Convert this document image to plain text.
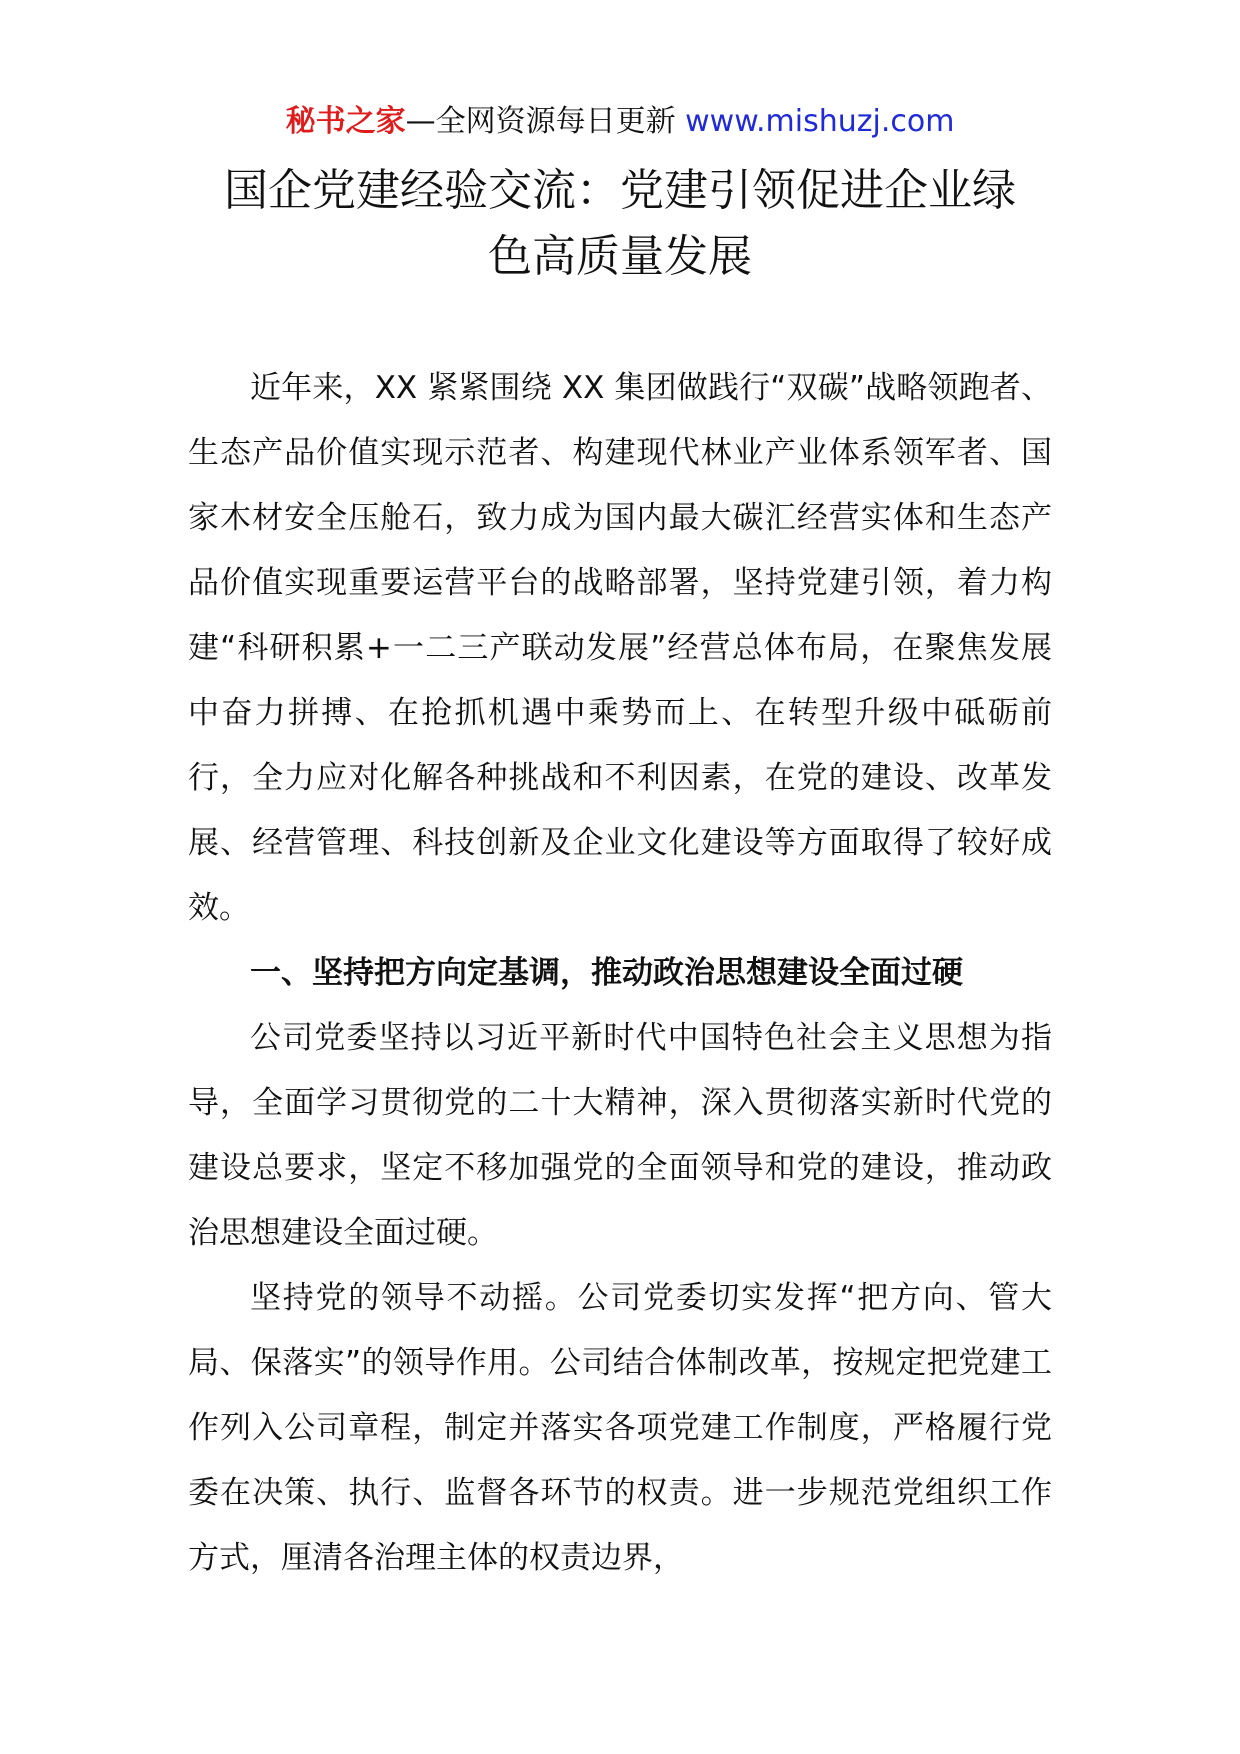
秘书之家—全网资源每日更新 www.mishuzj.com
国企党建经验交流：党建引领促进企业绿
色高质量发展

近年来，XX 紧紧围绕 XX 集团做践行“双碳”战略领跑者、生态产品价值实现示范者、构建现代林业产业体系领军者、国家木材安全压舱石，致力成为国内最大碳汇经营实体和生态产品价值实现重要运营平台的战略部署，坚持党建引领，着力构建“科研积累+一二三产联动发展”经营总体布局，在聚焦发展中奋力拼搏、在抢抓机遇中乘势而上、在转型升级中砥砺前行，全力应对化解各种挑战和不利因素，在党的建设、改革发展、经营管理、科技创新及企业文化建设等方面取得了较好成效。

一、坚持把方向定基调，推动政治思想建设全面过硬

公司党委坚持以习近平新时代中国特色社会主义思想为指导，全面学习贯彻党的二十大精神，深入贯彻落实新时代党的建设总要求，坚定不移加强党的全面领导和党的建设，推动政治思想建设全面过硬。

坚持党的领导不动摇。公司党委切实发挥“把方向、管大局、保落实”的领导作用。公司结合体制改革，按规定把党建工作列入公司章程，制定并落实各项党建工作制度，严格履行党委在决策、执行、监督各环节的权责。进一步规范党组织工作方式，厘清各治理主体的权责边界，
